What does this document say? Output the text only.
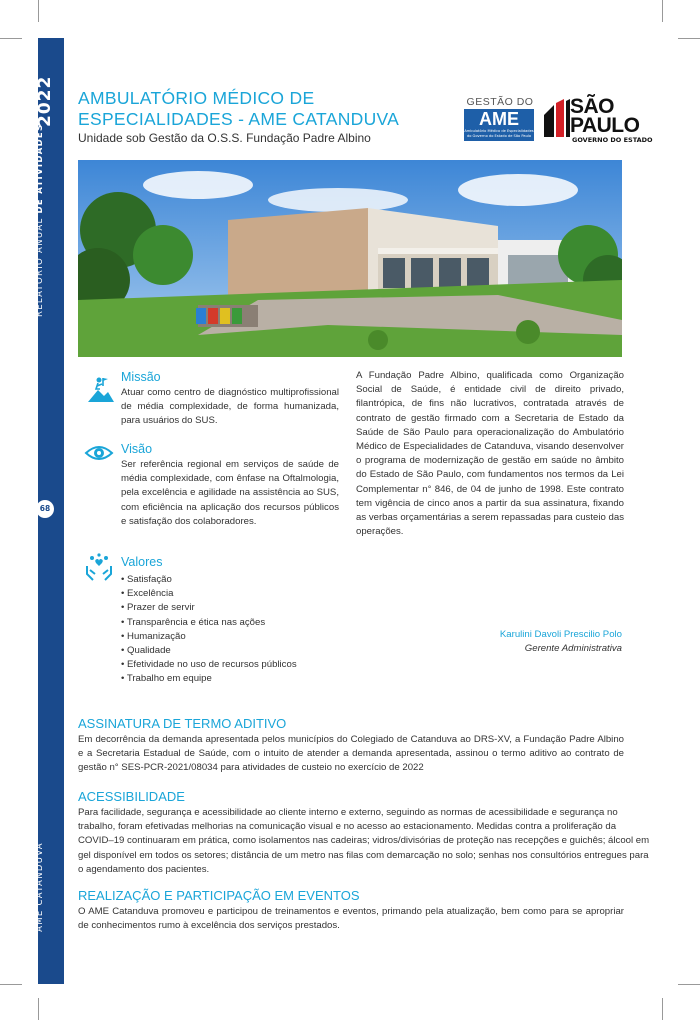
2022
RELATÓRIO ANUAL DE ATIVIDADES
68
AME CATANDUVA
AMBULATÓRIO MÉDICO DE
ESPECIALIDADES - AME CATANDUVA
Unidade sob Gestão da O.S.S. Fundação Padre Albino
GESTÃO DO
AME
Ambulatório Médico de Especialidades
do Governo do Estado de São Paulo
SÃO
PAULO
GOVERNO DO ESTADO
Missão
Atuar como centro de diagnóstico multiprofissional de média complexidade, de forma humanizada, para usuários do SUS.
Visão
Ser referência regional em serviços de saúde de média complexidade, com ênfase na Oftalmologia, pela excelência e agilidade na assistência ao SUS, com eficiência na aplicação dos recursos públicos e satisfação dos colaboradores.
Valores
• Satisfação
• Excelência
• Prazer de servir
• Transparência e ética nas ações
• Humanização
• Qualidade
• Efetividade no uso de recursos públicos
• Trabalho em equipe
A Fundação Padre Albino, qualificada como Organização Social de Saúde, é entidade civil de direito privado, filantrópica, de fins não lucrativos, contratada através de contrato de gestão firmado com a Secretaria de Estado da Saúde de São Paulo para operacionalização do Ambulatório Médico de Especialidades de Catanduva, visando desenvolver o programa de modernização de gestão em saúde no âmbito do Estado de São Paulo, com fundamentos nos termos da Lei Complementar n° 846, de 04 de junho de 1998. Este contrato tem vigência de cinco anos a partir da sua assinatura, fixando as verbas orçamentárias a serem repassadas para custeio das operações.
Karulini Davoli Prescilio Polo
Gerente Administrativa
ASSINATURA DE TERMO ADITIVO
Em decorrência da demanda apresentada pelos municípios do Colegiado de Catanduva ao DRS-XV, a Fundação Padre Albino e a Secretaria Estadual de Saúde, com o intuito de atender a demanda apresentada, assinou o termo aditivo ao contrato de gestão n° SES-PCR-2021/08034 para atividades de custeio no exercício de 2022
ACESSIBILIDADE
Para facilidade, segurança e acessibilidade ao cliente interno e externo, seguindo as normas de acessibilidade e segurança no trabalho, foram efetivadas melhorias na comunicação visual e no acesso ao estacionamento. Medidas contra a proliferação da COVID–19 continuaram em prática, como isolamentos nas cadeiras; vidros/divisórias de proteção nas recepções e guichês; álcool em gel disponível em todos os setores; distância de um metro nas filas com demarcação no solo; senhas nos consultórios entregues para o agendamento dos pacientes.
REALIZAÇÃO E PARTICIPAÇÃO EM EVENTOS
O AME Catanduva promoveu e participou de treinamentos e eventos, primando pela atualização, bem como para se apropriar de conhecimentos rumo à excelência dos serviços prestados.
